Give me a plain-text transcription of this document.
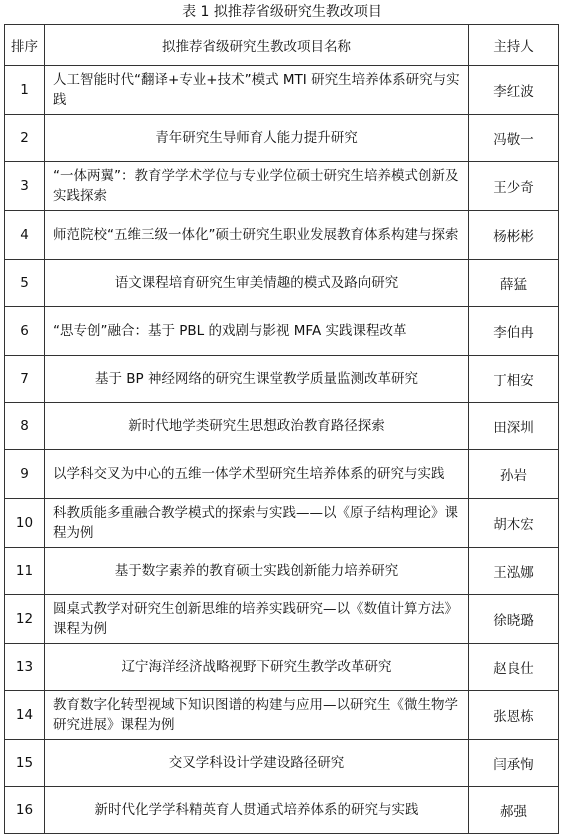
表 1 拟推荐省级研究生教改项目
排序	拟推荐省级研究生教改项目名称	主持人
1	人工智能时代“翻译+专业+技术”模式 MTI 研究生培养体系研究与实践	李红波
2	青年研究生导师育人能力提升研究	冯敬一
3	“一体两翼”：教育学学术学位与专业学位硕士研究生培养模式创新及实践探索	王少奇
4	师范院校“五维三级一体化”硕士研究生职业发展教育体系构建与探索	杨彬彬
5	语文课程培育研究生审美情趣的模式及路向研究	薛猛
6	“思专创”融合：基于 PBL 的戏剧与影视 MFA 实践课程改革	李伯冉
7	基于 BP 神经网络的研究生课堂教学质量监测改革研究	丁相安
8	新时代地学类研究生思想政治教育路径探索	田深圳
9	以学科交叉为中心的五维一体学术型研究生培养体系的研究与实践	孙岩
10	科教质能多重融合教学模式的探索与实践——以《原子结构理论》课程为例	胡木宏
11	基于数字素养的教育硕士实践创新能力培养研究	王泓娜
12	圆桌式教学对研究生创新思维的培养实践研究—以《数值计算方法》课程为例	徐晓璐
13	辽宁海洋经济战略视野下研究生教学改革研究	赵良仕
14	教育数字化转型视域下知识图谱的构建与应用—以研究生《微生物学研究进展》课程为例	张恩栋
15	交叉学科设计学建设路径研究	闫承恂
16	新时代化学学科精英育人贯通式培养体系的研究与实践	郝强
